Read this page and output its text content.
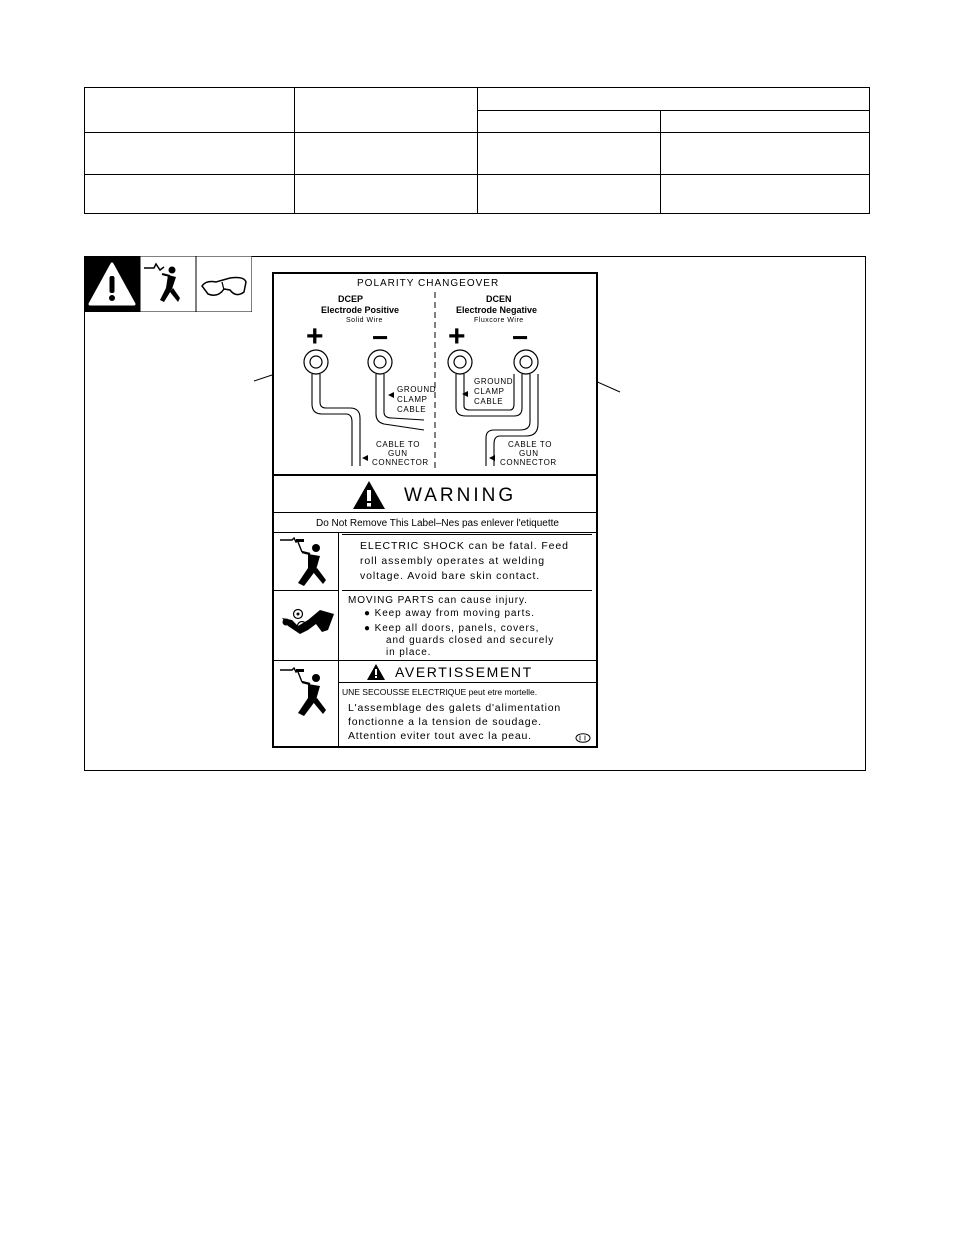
POLARITY CHANGEOVER
DCEP
Electrode Positive
Solid Wire
DCEN
Electrode Negative
Fluxcore Wire
+ − + −
GROUND
CLAMP
CABLE
CABLE TO
GUN
CONNECTOR
GROUND
CLAMP
CABLE
CABLE TO
GUN
CONNECTOR
WARNING
Do Not Remove This Label–Nes pas enlever l'etiquette
ELECTRIC SHOCK can be fatal. Feed
roll assembly operates at welding
voltage. Avoid bare skin contact.
MOVING PARTS can cause injury.
● Keep away from moving parts.
● Keep all doors, panels, covers,
and guards closed and securely
in place.
AVERTISSEMENT
UNE SECOUSSE ELECTRIQUE peut etre mortelle.
L'assemblage des galets d'alimentation
fonctionne a la tension de soudage.
Attention eviter tout avec la peau.
